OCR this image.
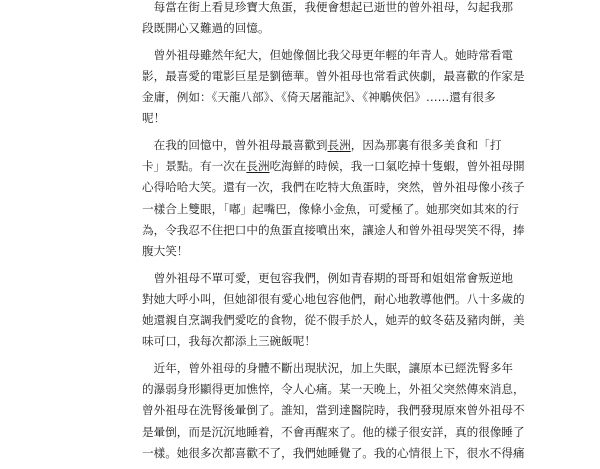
　每當在街上看見珍寶大魚蛋，我便會想起已逝世的曾外祖母，勾起我那
段既開心又難過的回憶。
　曾外祖母雖然年紀大，但她像個比我父母更年輕的年青人。她時常看電
影，最喜愛的電影巨星是劉德華。曾外祖母也常看武俠劇，最喜歡的作家是
金庸，例如：《天龍八部》、《倚天屠龍記》、《神鵰俠侶》……還有很多
呢！
　在我的回憶中，曾外祖母最喜歡到長洲，因為那裏有很多美食和「打
卡」景點。有一次在長洲吃海鮮的時候，我一口氣吃掉十隻蝦，曾外祖母開
心得哈哈大笑。還有一次，我們在吃特大魚蛋時，突然，曾外祖母像小孩子
一樣合上雙眼，「嘟」起嘴巴，像條小金魚，可愛極了。她那突如其來的行
為，令我忍不住把口中的魚蛋直接噴出來，讓途人和曾外祖母哭笑不得，捧
腹大笑！
　曾外祖母不單可愛，更包容我們，例如青春期的哥哥和姐姐常會叛逆地
對她大呼小叫，但她卻很有愛心地包容他們，耐心地教導他們。八十多歲的
她還親自烹調我們愛吃的食物，從不假手於人，她弄的蚊冬菇及豬肉餅，美
味可口，我每次都添上三碗飯呢！
　近年，曾外祖母的身體不斷出現狀況，加上失眠，讓原本已經洗腎多年
的瀑弱身形顯得更加憔悴，令人心痛。某一天晚上，外祖父突然傳來消息，
曾外祖母在洗腎後暈倒了。誰知，當到達醫院時，我們發現原來曾外祖母不
是暈倒，而是沉沉地睡着，不會再醒來了。他的樣子很安詳，真的很像睡了
一樣。她很多次都喜歡不了，我們她睡覺了。我的心情很上下，很水不得痛
